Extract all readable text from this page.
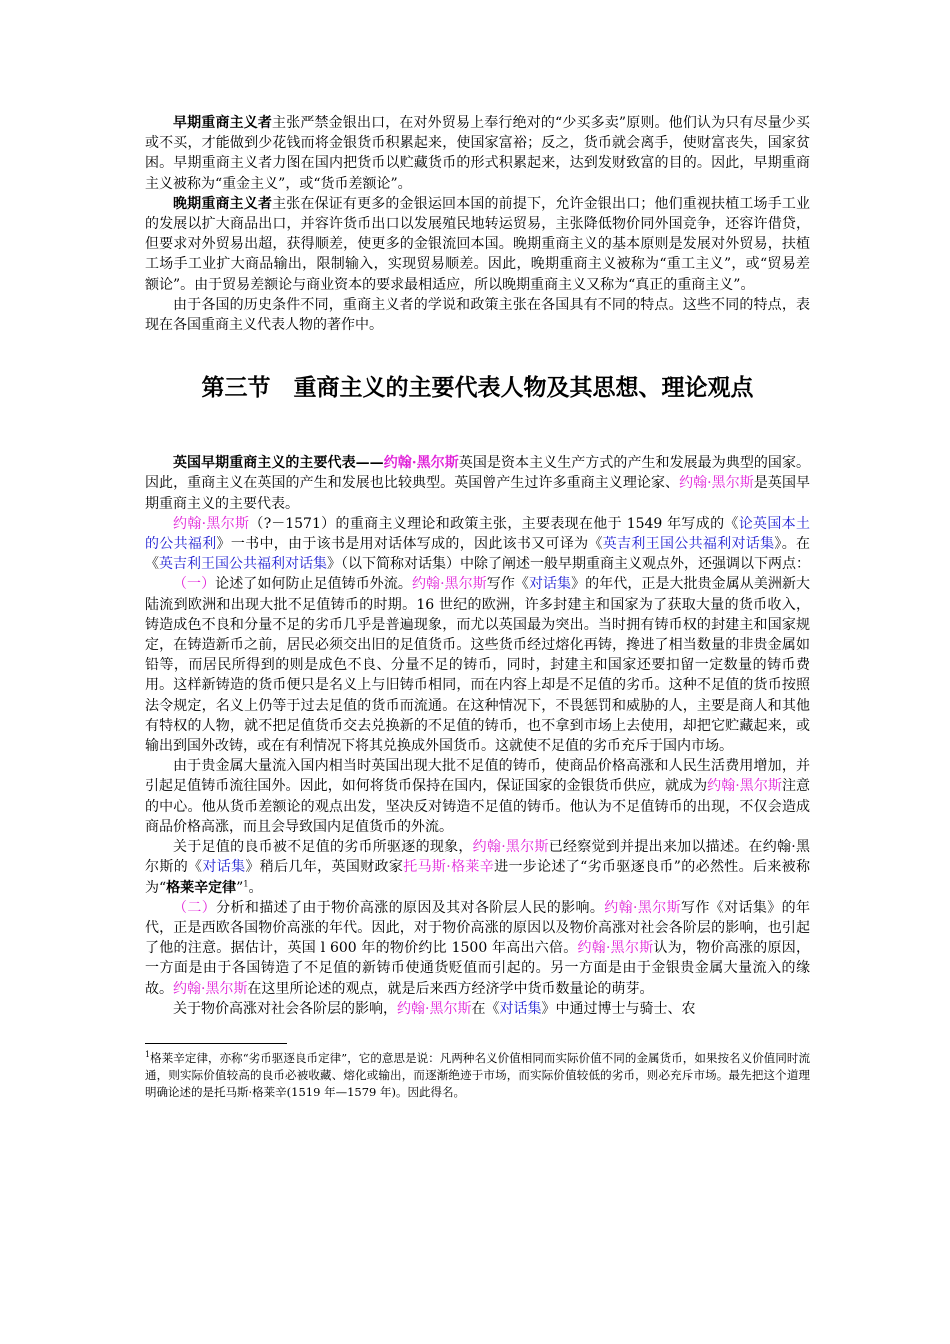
早期重商主义者主张严禁金银出口，在对外贸易上奉行绝对的“少买多卖”原则。他们认为只有尽量少买或不买，才能做到少花钱而将金银货币积累起来，使国家富裕；反之，货币就会离手，使财富丧失，国家贫困。早期重商主义者力图在国内把货币以贮藏货币的形式积累起来，达到发财致富的目的。因此，早期重商主义被称为“重金主义”，或“货币差额论”。

晚期重商主义者主张在保证有更多的金银运回本国的前提下，允许金银出口；他们重视扶植工场手工业的发展以扩大商品出口，并容许货币出口以发展殖民地转运贸易，主张降低物价同外国竞争，还容许借贷，但要求对外贸易出超，获得顺差，使更多的金银流回本国。晚期重商主义的基本原则是发展对外贸易，扶植工场手工业扩大商品输出，限制输入，实现贸易顺差。因此，晚期重商主义被称为“重工主义”，或“贸易差额论”。由于贸易差额论与商业资本的要求最相适应，所以晚期重商主义又称为“真正的重商主义”。

由于各国的历史条件不同，重商主义者的学说和政策主张在各国具有不同的特点。这些不同的特点，表现在各国重商主义代表人物的著作中。

第三节　重商主义的主要代表人物及其思想、理论观点

英国早期重商主义的主要代表——约翰·黑尔斯英国是资本主义生产方式的产生和发展最为典型的国家。因此，重商主义在英国的产生和发展也比较典型。英国曾产生过许多重商主义理论家、约翰·黑尔斯是英国早期重商主义的主要代表。

约翰·黑尔斯（?－1571）的重商主义理论和政策主张，主要表现在他于 1549 年写成的《论英国本土的公共福利》一书中，由于该书是用对话体写成的，因此该书又可译为《英吉利王国公共福利对话集》。在《英吉利王国公共福利对话集》（以下简称对话集）中除了阐述一般早期重商主义观点外，还强调以下两点：

（一）论述了如何防止足值铸币外流。约翰·黑尔斯写作《对话集》的年代，正是大批贵金属从美洲新大陆流到欧洲和出现大批不足值铸币的时期。16 世纪的欧洲，许多封建主和国家为了获取大量的货币收入，铸造成色不良和分量不足的劣币几乎是普遍现象，而尤以英国最为突出。当时拥有铸币权的封建主和国家规定，在铸造新币之前，居民必须交出旧的足值货币。这些货币经过熔化再铸，搀进了相当数量的非贵金属如铅等，而居民所得到的则是成色不良、分量不足的铸币，同时，封建主和国家还要扣留一定数量的铸币费用。这样新铸造的货币便只是名义上与旧铸币相同，而在内容上却是不足值的劣币。这种不足值的货币按照法令规定，名义上仍等于过去足值的货币而流通。在这种情况下，不畏惩罚和威胁的人，主要是商人和其他有特权的人物，就不把足值货币交去兑换新的不足值的铸币，也不拿到市场上去使用，却把它贮藏起来，或输出到国外改铸，或在有利情况下将其兑换成外国货币。这就使不足值的劣币充斥于国内市场。

由于贵金属大量流入国内相当时英国出现大批不足值的铸币，使商品价格高涨和人民生活费用增加，并引起足值铸币流往国外。因此，如何将货币保持在国内，保证国家的金银货币供应，就成为约翰·黑尔斯注意的中心。他从货币差额论的观点出发，坚决反对铸造不足值的铸币。他认为不足值铸币的出现，不仅会造成商品价格高涨，而且会导致国内足值货币的外流。

关于足值的良币被不足值的劣币所驱逐的现象，约翰·黑尔斯已经察觉到并提出来加以描述。在约翰·黑尔斯的《对话集》稍后几年，英国财政家托马斯·格莱辛进一步论述了“劣币驱逐良币”的必然性。后来被称为“格莱辛定律”$^1$。

（二）分析和描述了由于物价高涨的原因及其对各阶层人民的影响。约翰·黑尔斯写作《对话集》的年代，正是西欧各国物价高涨的年代。因此，对于物价高涨的原因以及物价高涨对社会各阶层的影响，也引起了他的注意。据估计，英国 l 600 年的物价约比 1500 年高出六倍。约翰·黑尔斯认为，物价高涨的原因，一方面是由于各国铸造了不足值的新铸币使通货贬值而引起的。另一方面是由于金银贵金属大量流入的缘故。约翰·黑尔斯在这里所论述的观点，就是后来西方经济学中货币数量论的萌芽。

关于物价高涨对社会各阶层的影响，约翰·黑尔斯在《对话集》中通过博士与骑士、农

$^1$格莱辛定律，亦称“劣币驱逐良币定律”，它的意思是说：凡两种名义价值相同而实际价值不同的金属货币，如果按名义价值同时流通，则实际价值较高的良币必被收藏、熔化或输出，而逐渐绝迹于市场，而实际价值较低的劣币，则必充斥市场。最先把这个道理明确论述的是托马斯·格莱辛(1519 年—1579 年)。因此得名。
